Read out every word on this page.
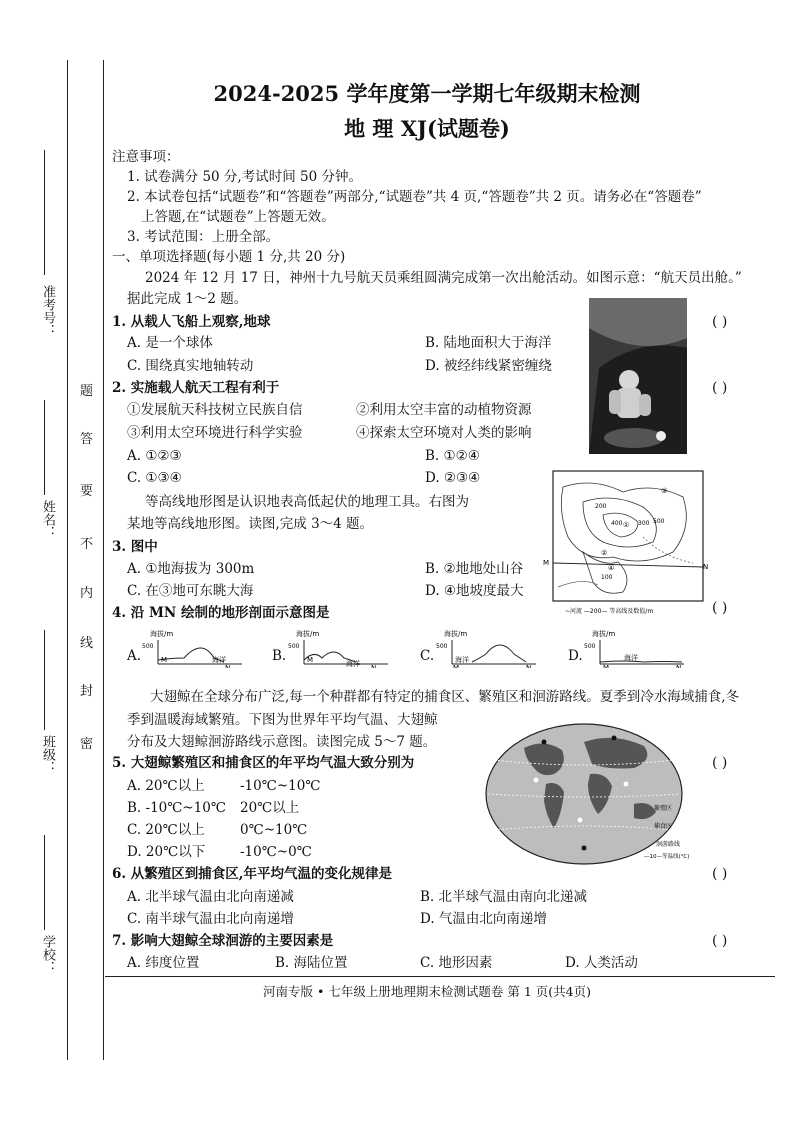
准考号：
姓名：
班级：
学校：
密
封
线
内
不
要
答
题
2024-2025 学年度第一学期七年级期末检测
地 理 XJ(试题卷)
注意事项：
1. 试卷满分 50 分,考试时间 50 分钟。
2. 本试卷包括“试题卷”和“答题卷”两部分,“试题卷”共 4 页,“答题卷”共 2 页。请务必在“答题卷”
上答题,在“试题卷”上答题无效。
3. 考试范围：上册全部。
一、单项选择题(每小题 1 分,共 20 分)
2024 年 12 月 17 日，神州十九号航天员乘组圆满完成第一次出舱活动。如图示意：“航天员出舱。”
据此完成 1～2 题。
1. 从载人飞船上观察,地球	( )
A. 是一个球体	B. 陆地面积大于海洋
C. 围绕真实地轴转动	D. 被经纬线紧密缠绕
2. 实施载人航天工程有利于	( )
①发展航天科技树立民族自信	②利用太空丰富的动植物资源
③利用太空环境进行科学实验	④探索太空环境对人类的影响
A. ①②③	B. ①②④
C. ①③④	D. ②③④
200
300
400	500
100
③
①
②
④
M	N
~河流 —200— 等高线及数值/m
等高线地形图是认识地表高低起伏的地理工具。右图为
某地等高线地形图。读图,完成 3～4 题。
3. 图中
A. ①地海拔为 300m	B. ②地地处山谷
C. 在③地可东眺大海	D. ④地坡度最大
4. 沿 MN 绘制的地形剖面示意图是	( )
A.
海拔/m
500
海洋
M
N
B.
海拔/m
500
海洋
M
N
C.
海拔/m
500
海洋
M	N
D.
海拔/m
500
海洋
M	N
大翅鲸在全球分布广泛,每一个种群都有特定的捕食区、繁殖区和洄游路线。夏季到冷水海域捕食,冬
季到温暖海域繁殖。下图为世界年平均气温、大翅鲸
分布及大翅鲸洄游路线示意图。读图完成 5～7 题。
繁殖区
捕食区
洄游路线
—10—等温线(°C)
5. 大翅鲸繁殖区和捕食区的年平均气温大致分别为	( )
A. 20℃以上	-10℃~10℃
B. -10℃~10℃ 20℃以上
C. 20℃以上	0℃~10℃
D. 20℃以下	-10℃~0℃
6. 从繁殖区到捕食区,年平均气温的变化规律是	( )
A. 北半球气温由北向南递减	B. 北半球气温由南向北递减
C. 南半球气温由北向南递增	D. 气温由北向南递增
7. 影响大翅鲸全球洄游的主要因素是	( )
A. 纬度位置	B. 海陆位置	C. 地形因素	D. 人类活动
河南专版 • 七年级上册地理期末检测试题卷 第 1 页(共4页)
